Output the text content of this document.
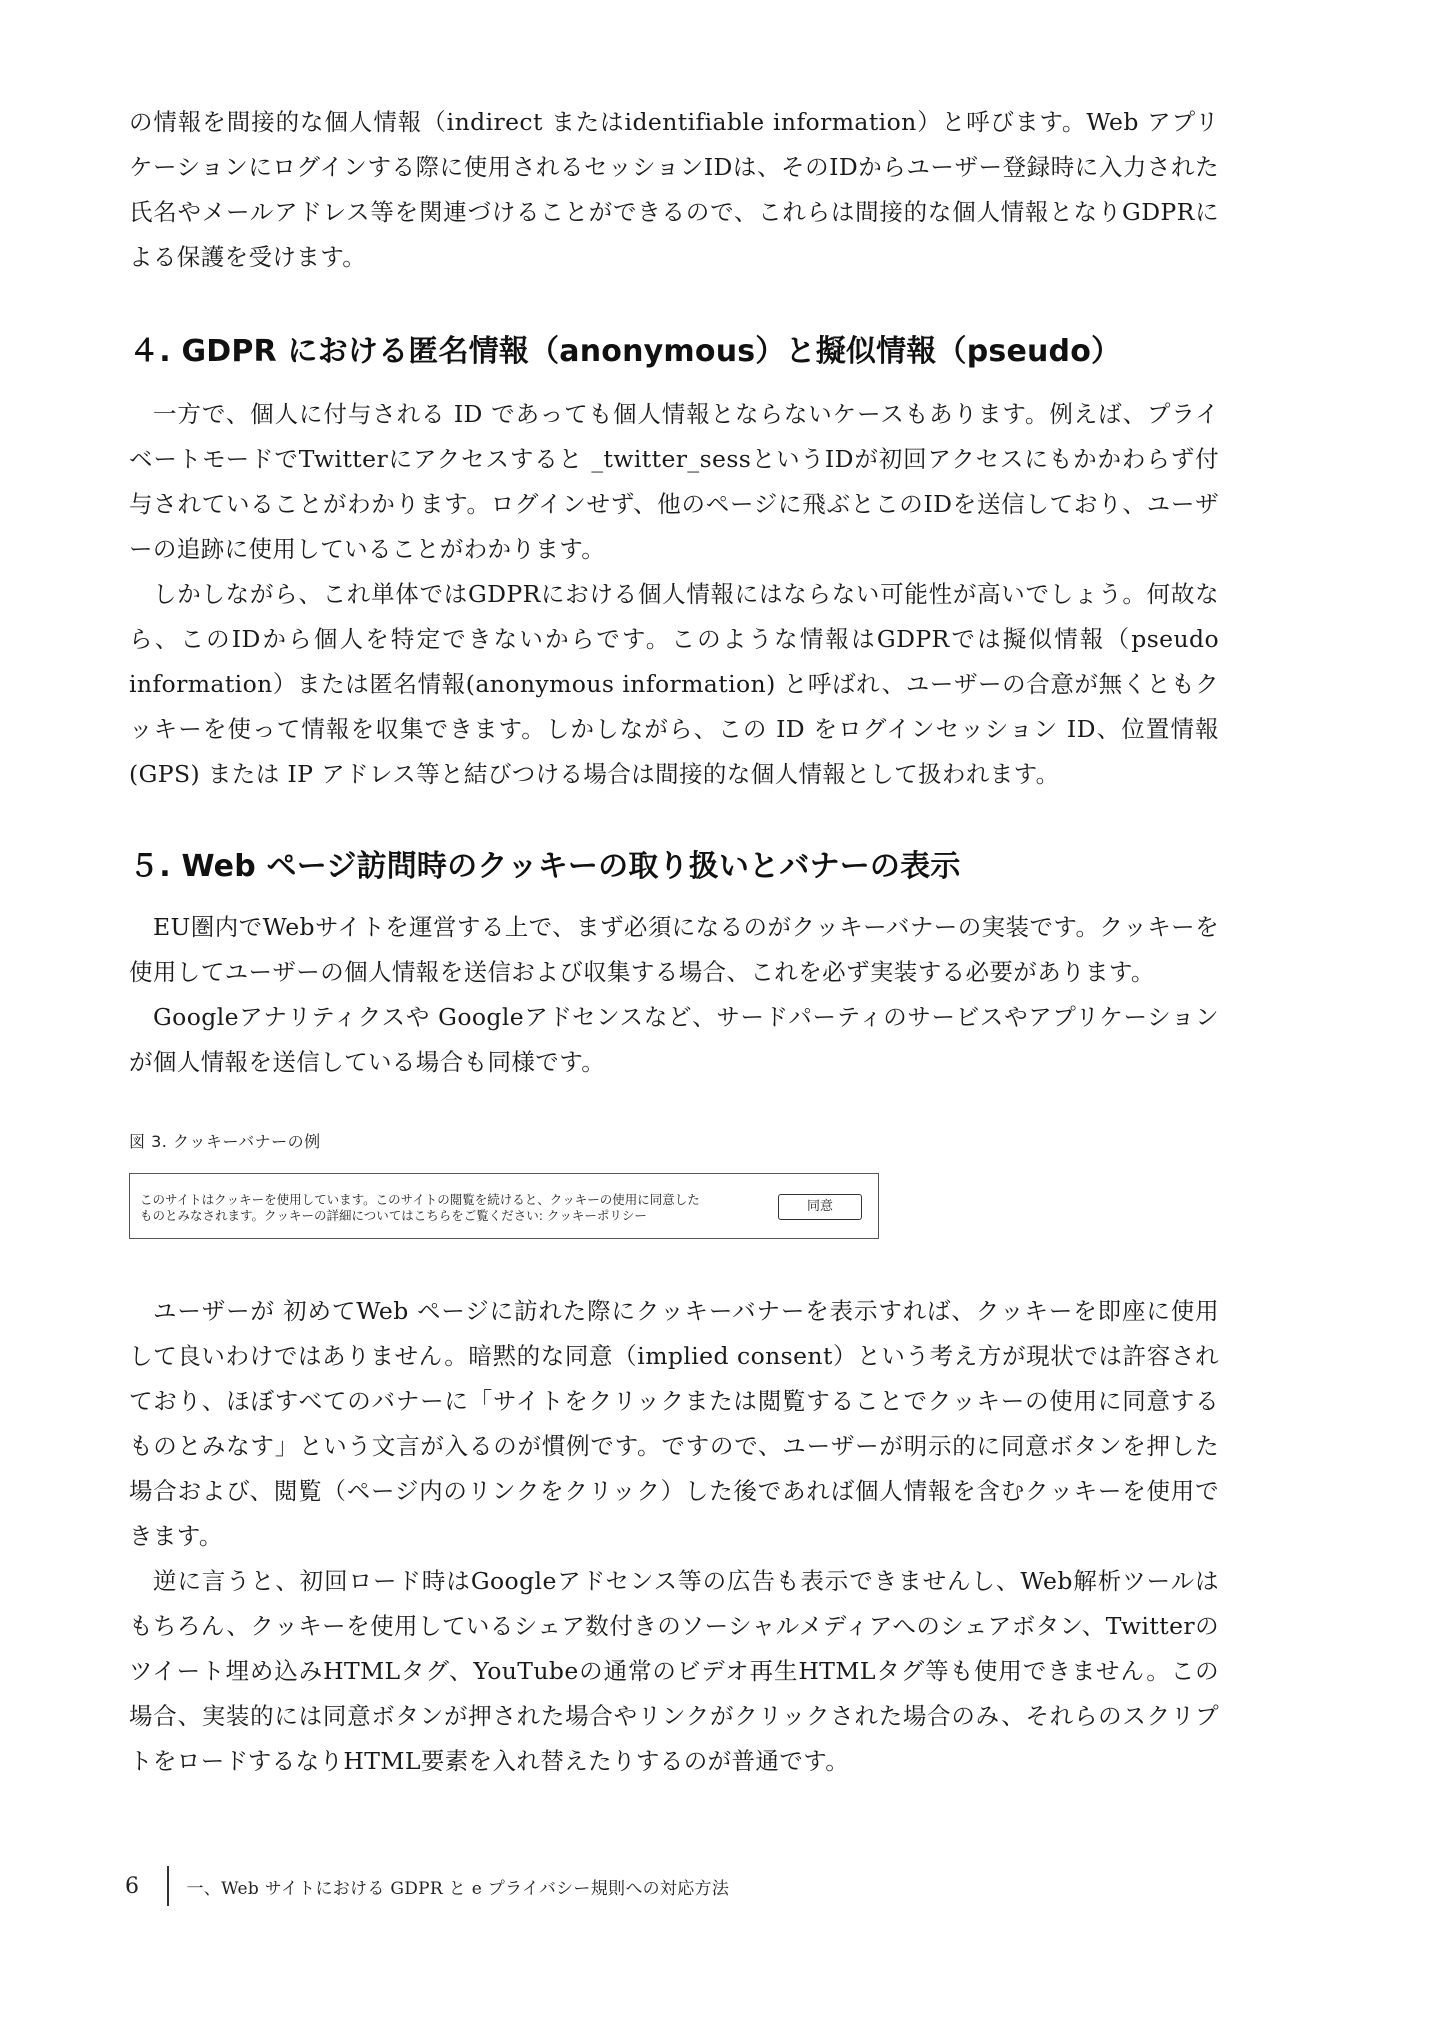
の情報を間接的な個人情報（indirect またはidentifiable information）と呼びます。Web アプリケーションにログインする際に使用されるセッションIDは、そのIDからユーザー登録時に入力された氏名やメールアドレス等を関連づけることができるので、これらは間接的な個人情報となりGDPRによる保護を受けます。

４. GDPR における匿名情報（anonymous）と擬似情報（pseudo）

一方で、個人に付与される ID であっても個人情報とならないケースもあります。例えば、プライベートモードでTwitterにアクセスすると _twitter_sessというIDが初回アクセスにもかかわらず付与されていることがわかります。ログインせず、他のページに飛ぶとこのIDを送信しており、ユーザーの追跡に使用していることがわかります。

しかしながら、これ単体ではGDPRにおける個人情報にはならない可能性が高いでしょう。何故なら、このIDから個人を特定できないからです。このような情報はGDPRでは擬似情報（pseudo information）または匿名情報(anonymous information) と呼ばれ、ユーザーの合意が無くともクッキーを使って情報を収集できます。しかしながら、この ID をログインセッション ID、位置情報(GPS) または IP アドレス等と結びつける場合は間接的な個人情報として扱われます。

５. Web ページ訪問時のクッキーの取り扱いとバナーの表示

EU圏内でWebサイトを運営する上で、まず必須になるのがクッキーバナーの実装です。クッキーを使用してユーザーの個人情報を送信および収集する場合、これを必ず実装する必要があります。

Googleアナリティクスや Googleアドセンスなど、サードパーティのサービスやアプリケーションが個人情報を送信している場合も同様です。

図 3. クッキーバナーの例
このサイトはクッキーを使用しています。このサイトの閲覧を続けると、クッキーの使用に同意した
ものとみなされます。クッキーの詳細についてはこちらをご覧ください: クッキーポリシー
同意

ユーザーが 初めてWeb ページに訪れた際にクッキーバナーを表示すれば、クッキーを即座に使用して良いわけではありません。暗黙的な同意（implied consent）という考え方が現状では許容されており、ほぼすべてのバナーに「サイトをクリックまたは閲覧することでクッキーの使用に同意するものとみなす」という文言が入るのが慣例です。ですので、ユーザーが明示的に同意ボタンを押した場合および、閲覧（ページ内のリンクをクリック）した後であれば個人情報を含むクッキーを使用できます。

逆に言うと、初回ロード時はGoogleアドセンス等の広告も表示できませんし、Web解析ツールはもちろん、クッキーを使用しているシェア数付きのソーシャルメディアへのシェアボタン、Twitterのツイート埋め込みHTMLタグ、YouTubeの通常のビデオ再生HTMLタグ等も使用できません。この場合、実装的には同意ボタンが押された場合やリンクがクリックされた場合のみ、それらのスクリプトをロードするなりHTML要素を入れ替えたりするのが普通です。

6	一、Web サイトにおける GDPR と e プライバシー規則への対応方法
